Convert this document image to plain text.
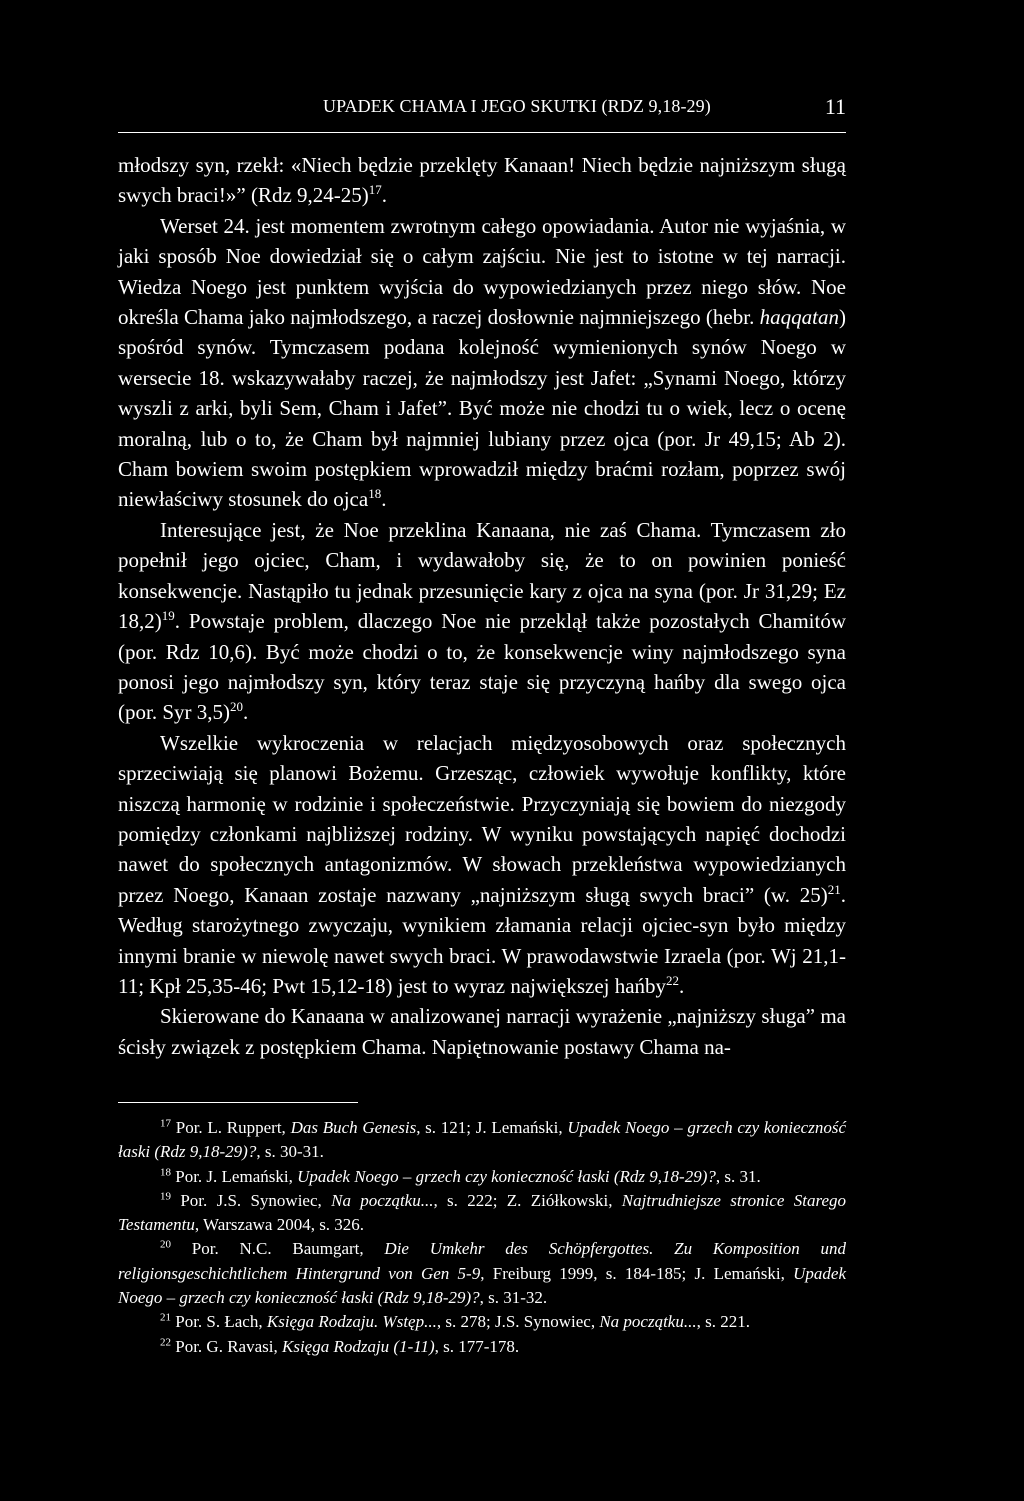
UPADEK CHAMA I JEGO SKUTKI (RDZ 9,18-29)	11

młodszy syn, rzekł: «Niech będzie przeklęty Kanaan! Niech będzie najniższym sługą swych braci!»” (Rdz 9,24-25)$^{17}$.

Werset 24. jest momentem zwrotnym całego opowiadania. Autor nie wyjaśnia, w jaki sposób Noe dowiedział się o całym zajściu. Nie jest to istotne w tej narracji. Wiedza Noego jest punktem wyjścia do wypowiedzianych przez niego słów. Noe określa Chama jako najmłodszego, a raczej dosłownie najmniejszego (hebr. haqqatan) spośród synów. Tymczasem podana kolejność wymienionych synów Noego w wersecie 18. wskazywałaby raczej, że najmłodszy jest Jafet: „Synami Noego, którzy wyszli z arki, byli Sem, Cham i Jafet”. Być może nie chodzi tu o wiek, lecz o ocenę moralną, lub o to, że Cham był najmniej lubiany przez ojca (por. Jr 49,15; Ab 2). Cham bowiem swoim postępkiem wprowadził między braćmi rozłam, poprzez swój niewłaściwy stosunek do ojca$^{18}$.

Interesujące jest, że Noe przeklina Kanaana, nie zaś Chama. Tymczasem zło popełnił jego ojciec, Cham, i wydawałoby się, że to on powinien ponieść konsekwencje. Nastąpiło tu jednak przesunięcie kary z ojca na syna (por. Jr 31,29; Ez 18,2)$^{19}$. Powstaje problem, dlaczego Noe nie przeklął także pozostałych Chamitów (por. Rdz 10,6). Być może chodzi o to, że konsekwencje winy najmłodszego syna ponosi jego najmłodszy syn, który teraz staje się przyczyną hańby dla swego ojca (por. Syr 3,5)$^{20}$.

Wszelkie wykroczenia w relacjach międzyosobowych oraz społecznych sprzeciwiają się planowi Bożemu. Grzesząc, człowiek wywołuje konflikty, które niszczą harmonię w rodzinie i społeczeństwie. Przyczyniają się bowiem do niezgody pomiędzy członkami najbliższej rodziny. W wyniku powstających napięć dochodzi nawet do społecznych antagonizmów. W słowach przekleństwa wypowiedzianych przez Noego, Kanaan zostaje nazwany „najniższym sługą swych braci” (w. 25)$^{21}$. Według starożytnego zwyczaju, wynikiem złamania relacji ojciec-syn było między innymi branie w niewolę nawet swych braci. W prawodawstwie Izraela (por. Wj 21,1-11; Kpł 25,35-46; Pwt 15,12-18) jest to wyraz największej hańby$^{22}$.

Skierowane do Kanaana w analizowanej narracji wyrażenie „najniższy sługa” ma ścisły związek z postępkiem Chama. Napiętnowanie postawy Chama na-

$^{17}$ Por. L. Ruppert, Das Buch Genesis, s. 121; J. Lemański, Upadek Noego – grzech czy konieczność łaski (Rdz 9,18-29)?, s. 30-31.

$^{18}$ Por. J. Lemański, Upadek Noego – grzech czy konieczność łaski (Rdz 9,18-29)?, s. 31.

$^{19}$ Por. J.S. Synowiec, Na początku..., s. 222; Z. Ziółkowski, Najtrudniejsze stronice Starego Testamentu, Warszawa 2004, s. 326.

$^{20}$ Por. N.C. Baumgart, Die Umkehr des Schöpfergottes. Zu Komposition und religionsgeschichtlichem Hintergrund von Gen 5-9, Freiburg 1999, s. 184-185; J. Lemański, Upadek Noego – grzech czy konieczność łaski (Rdz 9,18-29)?, s. 31-32.

$^{21}$ Por. S. Łach, Księga Rodzaju. Wstęp..., s. 278; J.S. Synowiec, Na początku..., s. 221.

$^{22}$ Por. G. Ravasi, Księga Rodzaju (1-11), s. 177-178.
